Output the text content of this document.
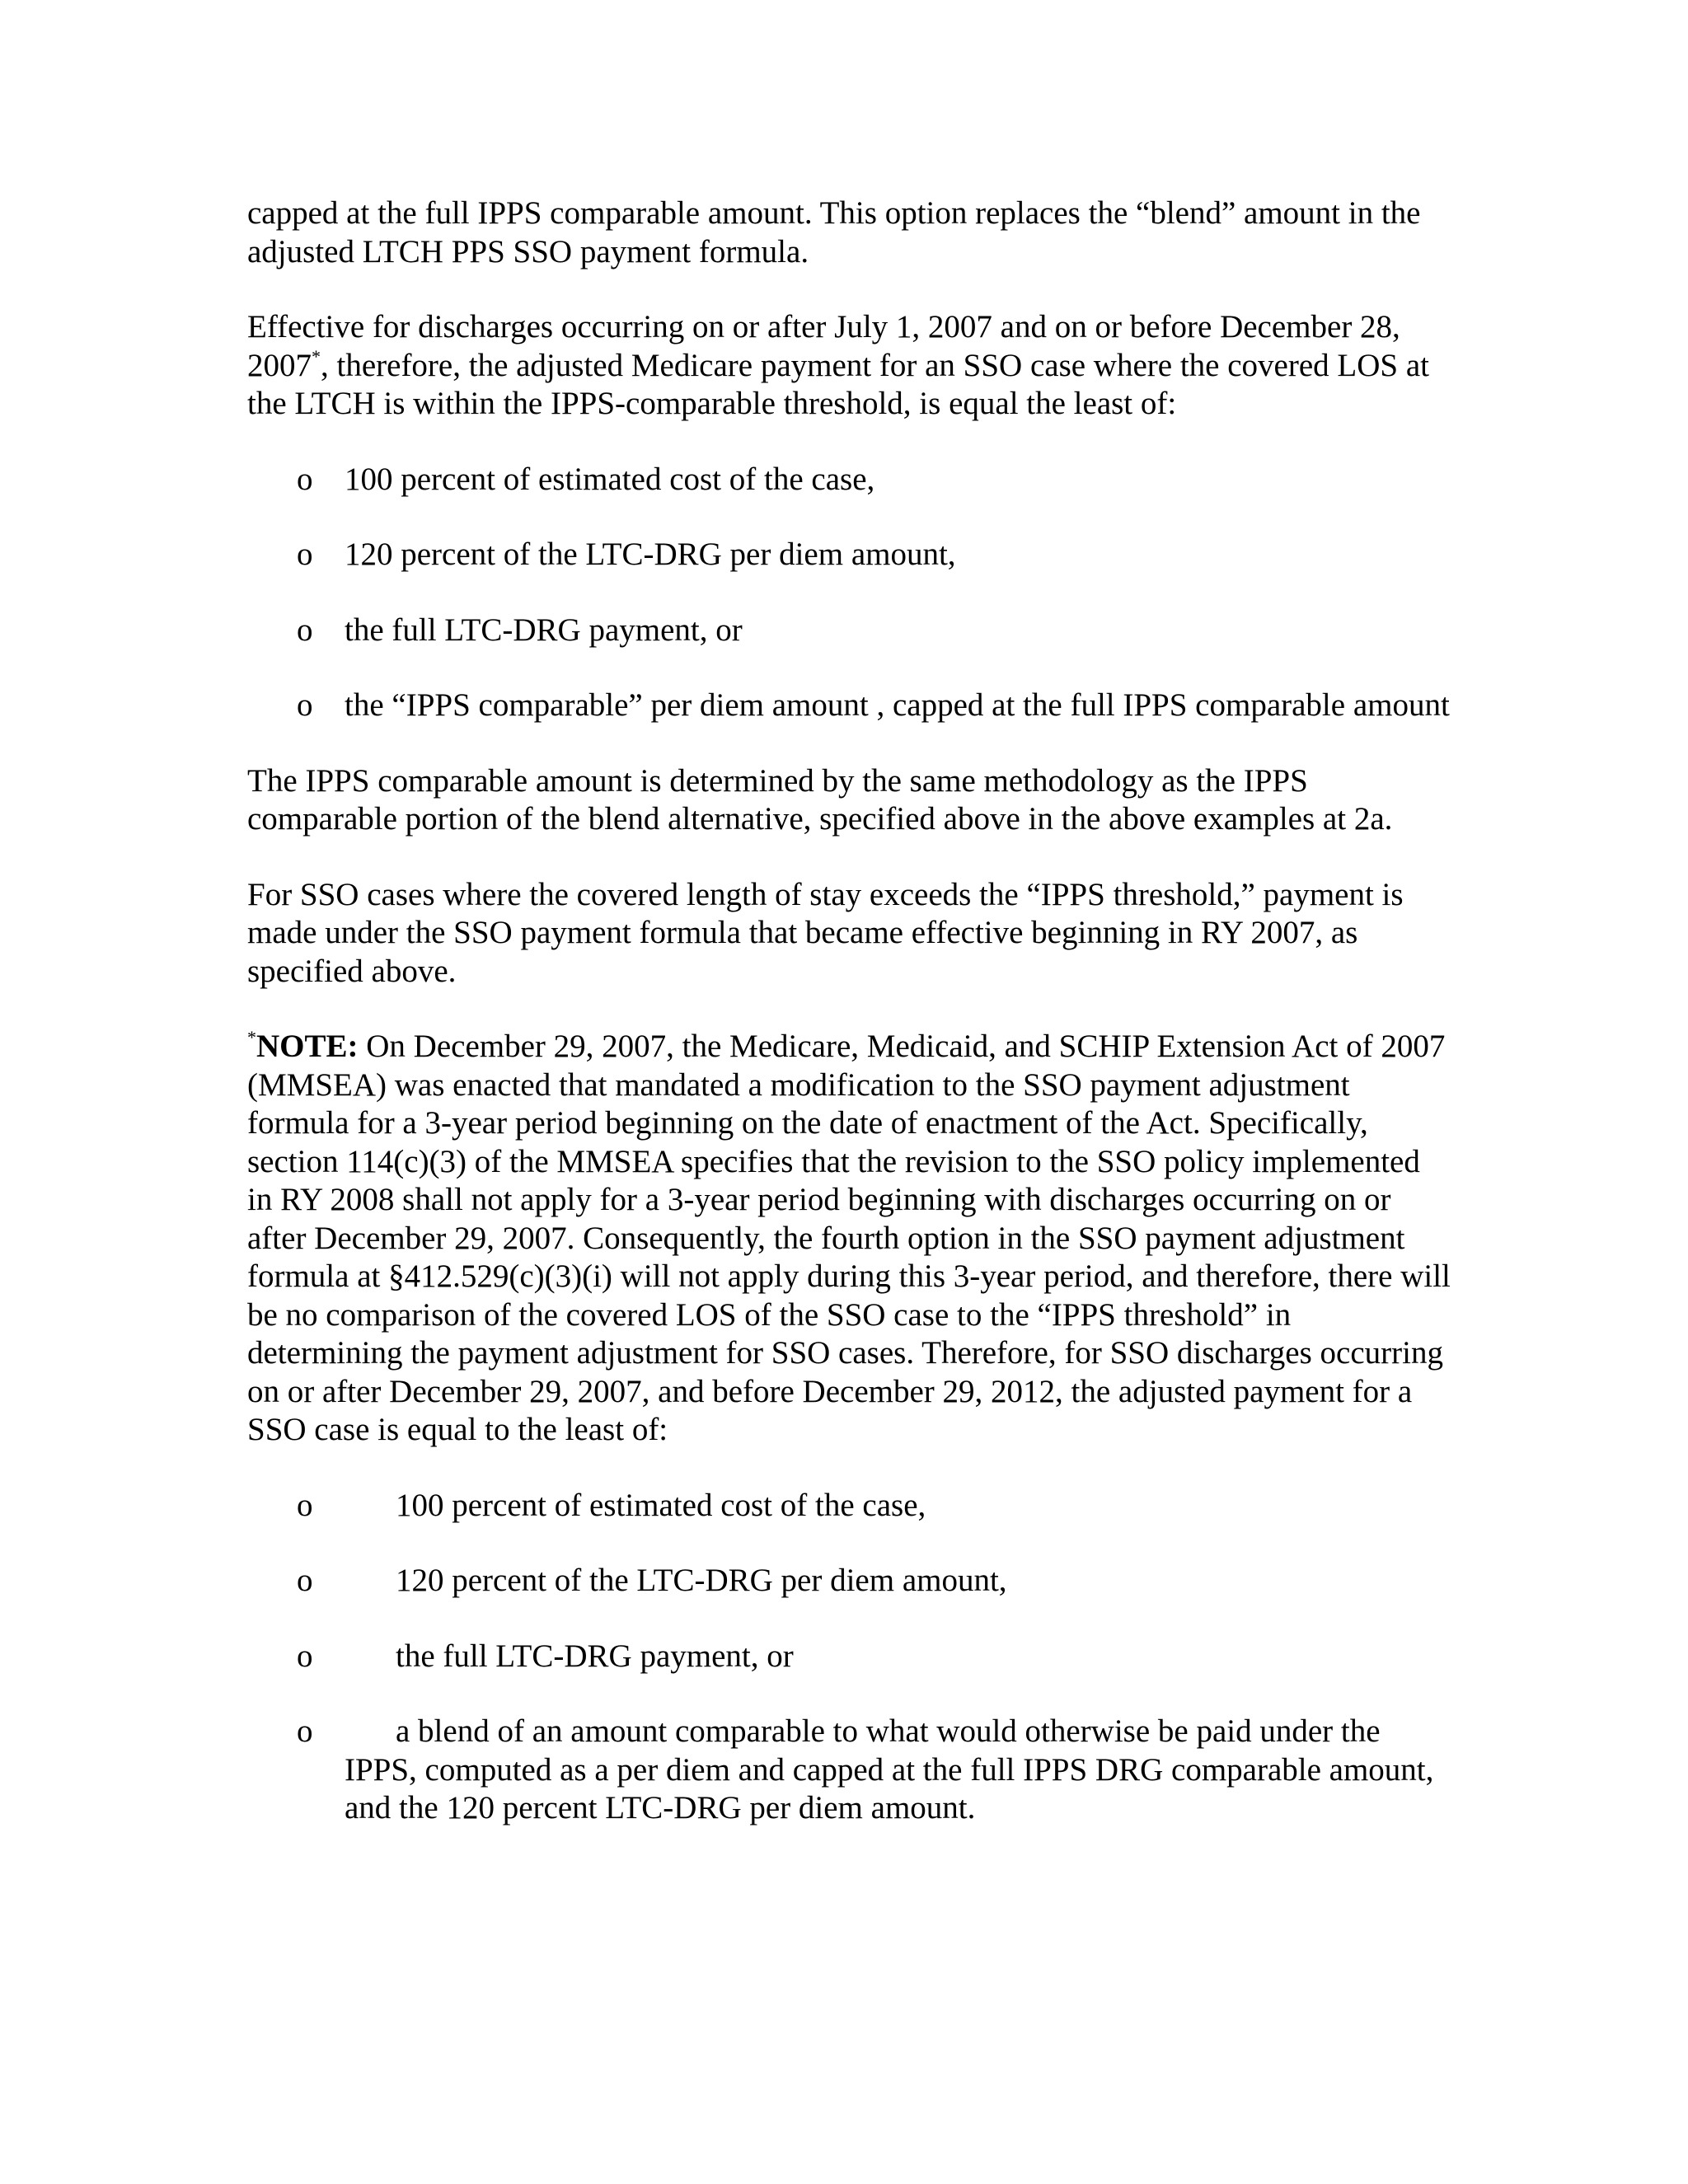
capped at the full IPPS comparable amount. This option replaces the “blend” amount in the adjusted LTCH PPS SSO payment formula.

Effective for discharges occurring on or after July 1, 2007 and on or before December 28, 2007*, therefore, the adjusted Medicare payment for an SSO case where the covered LOS at the LTCH is within the IPPS-comparable threshold, is equal the least of:

o 100 percent of estimated cost of the case,
o 120 percent of the LTC-DRG per diem amount,
o the full LTC-DRG payment, or
o the “IPPS comparable” per diem amount , capped at the full IPPS comparable amount

The IPPS comparable amount is determined by the same methodology as the IPPS comparable portion of the blend alternative, specified above in the above examples at 2a.

For SSO cases where the covered length of stay exceeds the “IPPS threshold,” payment is made under the SSO payment formula that became effective beginning in RY 2007, as specified above.

*NOTE: On December 29, 2007, the Medicare, Medicaid, and SCHIP Extension Act of 2007 (MMSEA) was enacted that mandated a modification to the SSO payment adjustment formula for a 3-year period beginning on the date of enactment of the Act. Specifically, section 114(c)(3) of the MMSEA specifies that the revision to the SSO policy implemented in RY 2008 shall not apply for a 3-year period beginning with discharges occurring on or after December 29, 2007. Consequently, the fourth option in the SSO payment adjustment formula at §412.529(c)(3)(i) will not apply during this 3-year period, and therefore, there will be no comparison of the covered LOS of the SSO case to the “IPPS threshold” in determining the payment adjustment for SSO cases. Therefore, for SSO discharges occurring on or after December 29, 2007, and before December 29, 2012, the adjusted payment for a SSO case is equal to the least of:

o	100 percent of estimated cost of the case,
o	120 percent of the LTC-DRG per diem amount,
o	the full LTC-DRG payment, or
o	a blend of an amount comparable to what would otherwise be paid under the IPPS, computed as a per diem and capped at the full IPPS DRG comparable amount, and the 120 percent LTC-DRG per diem amount.
